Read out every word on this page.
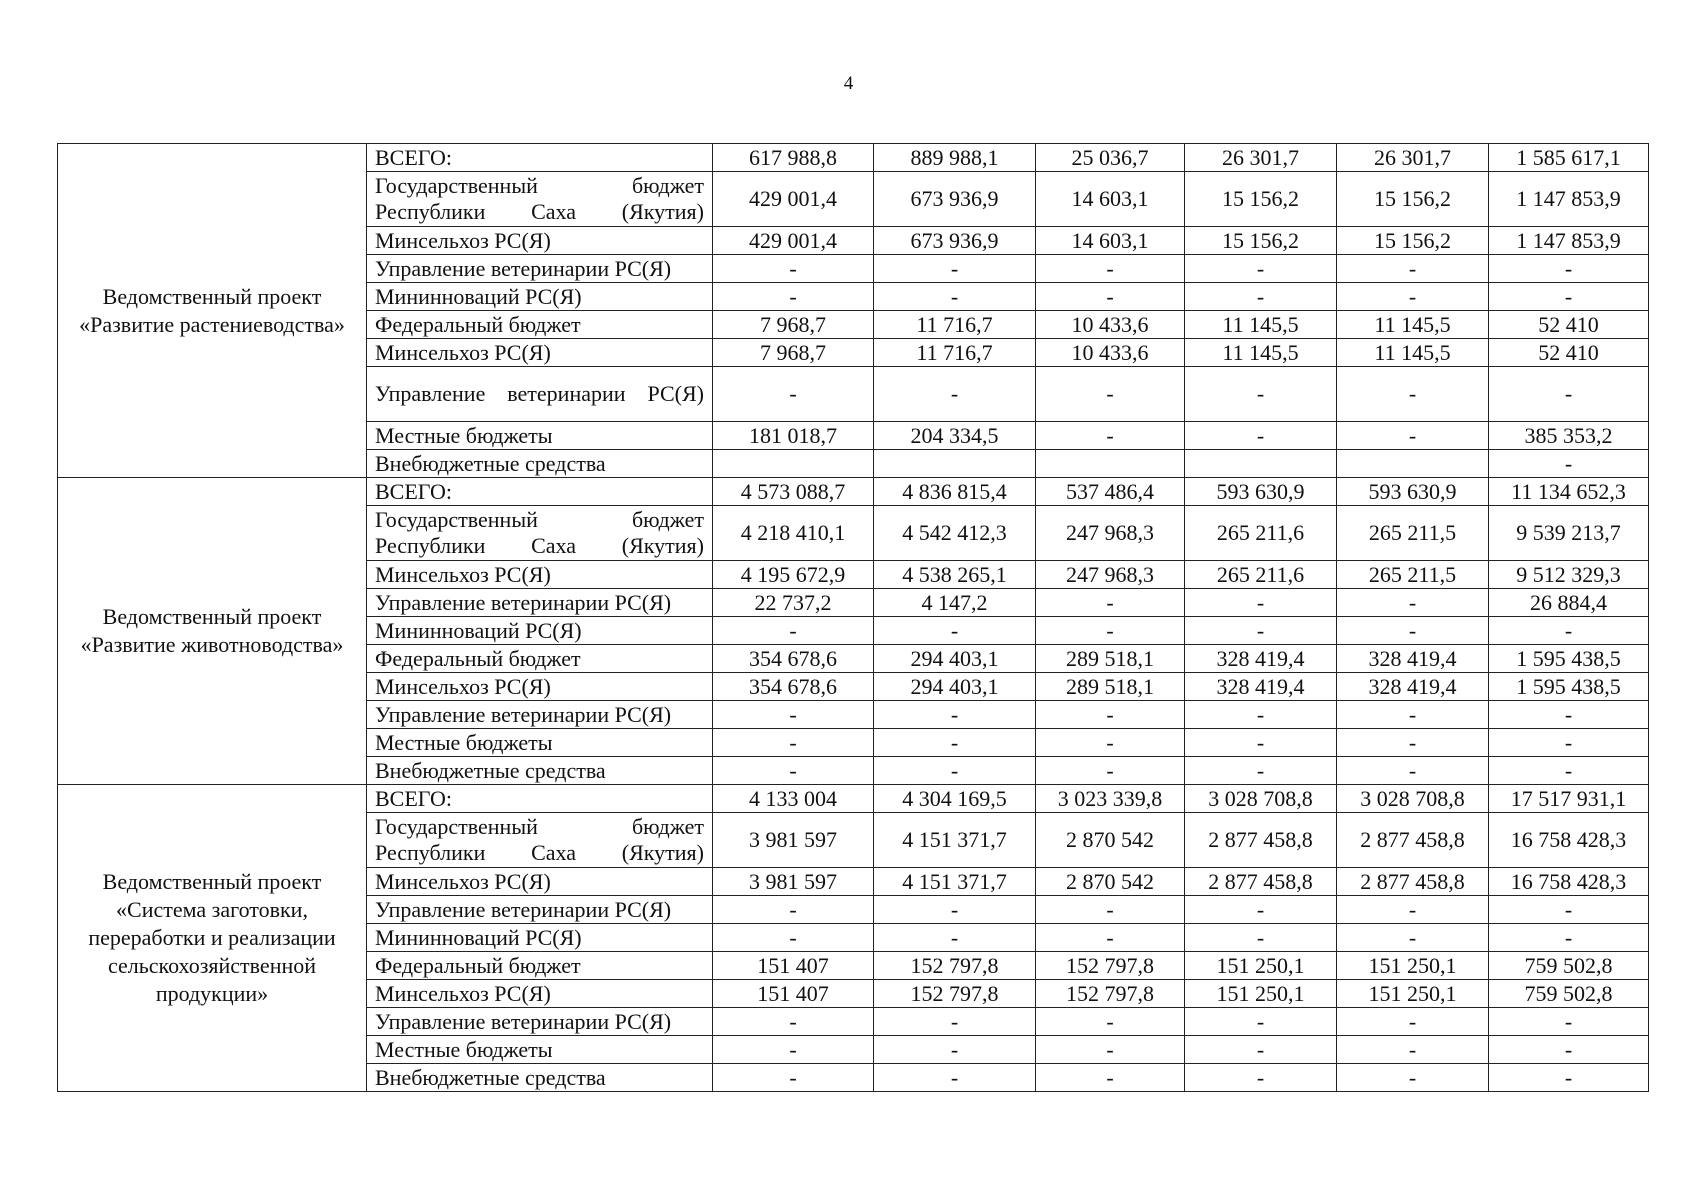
4
Ведомственный проект «Развитие растениеводства»	ВСЕГО:	617 988,8	889 988,1	25 036,7	26 301,7	26 301,7	1 585 617,1
	Государственный бюджет Республики Саха (Якутия)	429 001,4	673 936,9	14 603,1	15 156,2	15 156,2	1 147 853,9
	Минсельхоз РС(Я)	429 001,4	673 936,9	14 603,1	15 156,2	15 156,2	1 147 853,9
	Управление ветеринарии РС(Я)	-	-	-	-	-	-
	Мининноваций РС(Я)	-	-	-	-	-	-
	Федеральный бюджет	7 968,7	11 716,7	10 433,6	11 145,5	11 145,5	52 410
	Минсельхоз РС(Я)	7 968,7	11 716,7	10 433,6	11 145,5	11 145,5	52 410
	Управление ветеринарии РС(Я)	-	-	-	-	-	-
	Местные бюджеты	181 018,7	204 334,5	-	-	-	385 353,2
	Внебюджетные средства						-
Ведомственный проект «Развитие животноводства»	ВСЕГО:	4 573 088,7	4 836 815,4	537 486,4	593 630,9	593 630,9	11 134 652,3
	Государственный бюджет Республики Саха (Якутия)	4 218 410,1	4 542 412,3	247 968,3	265 211,6	265 211,5	9 539 213,7
	Минсельхоз РС(Я)	4 195 672,9	4 538 265,1	247 968,3	265 211,6	265 211,5	9 512 329,3
	Управление ветеринарии РС(Я)	22 737,2	4 147,2	-	-	-	26 884,4
	Мининноваций РС(Я)	-	-	-	-	-	-
	Федеральный бюджет	354 678,6	294 403,1	289 518,1	328 419,4	328 419,4	1 595 438,5
	Минсельхоз РС(Я)	354 678,6	294 403,1	289 518,1	328 419,4	328 419,4	1 595 438,5
	Управление ветеринарии РС(Я)	-	-	-	-	-	-
	Местные бюджеты	-	-	-	-	-	-
	Внебюджетные средства	-	-	-	-	-	-
Ведомственный проект «Система заготовки, переработки и реализации сельскохозяйственной продукции»	ВСЕГО:	4 133 004	4 304 169,5	3 023 339,8	3 028 708,8	3 028 708,8	17 517 931,1
	Государственный бюджет Республики Саха (Якутия)	3 981 597	4 151 371,7	2 870 542	2 877 458,8	2 877 458,8	16 758 428,3
	Минсельхоз РС(Я)	3 981 597	4 151 371,7	2 870 542	2 877 458,8	2 877 458,8	16 758 428,3
	Управление ветеринарии РС(Я)	-	-	-	-	-	-
	Мининноваций РС(Я)	-	-	-	-	-	-
	Федеральный бюджет	151 407	152 797,8	152 797,8	151 250,1	151 250,1	759 502,8
	Минсельхоз РС(Я)	151 407	152 797,8	152 797,8	151 250,1	151 250,1	759 502,8
	Управление ветеринарии РС(Я)	-	-	-	-	-	-
	Местные бюджеты	-	-	-	-	-	-
	Внебюджетные средства	-	-	-	-	-	-
